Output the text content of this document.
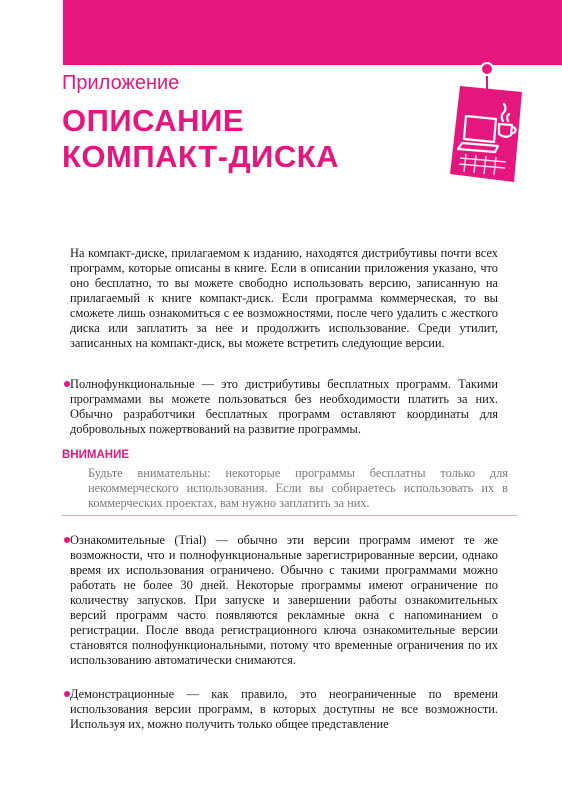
Приложение
ОПИСАНИЕ
КОМПАКТ-ДИСКА

На компакт-диске, прилагаемом к изданию, находятся дистрибутивы почти всех программ, которые описаны в книге. Если в описании приложения указано, что оно бесплатно, то вы можете свободно использовать версию, записанную на прилагаемый к книге компакт-диск. Если программа коммерческая, то вы сможете лишь ознакомиться с ее возможностями, после чего удалить с жесткого диска или заплатить за нее и продолжить использование. Среди утилит, записанных на компакт-диск, вы можете встретить следующие версии.

Полнофункциональные — это дистрибутивы бесплатных программ. Такими программами вы можете пользоваться без необходимости платить за них. Обычно разработчики бесплатных программ оставляют координаты для добровольных пожертвований на развитие программы.

ВНИМАНИЕ

Будьте внимательны: некоторые программы бесплатны только для некоммерческого использования. Если вы собираетесь использовать их в коммерческих проектах, вам нужно заплатить за них.

Ознакомительные (Trial) — обычно эти версии программ имеют те же возможности, что и полнофункциональные зарегистрированные версии, однако время их использования ограничено. Обычно с такими программами можно работать не более 30 дней. Некоторые программы имеют ограничение по количеству запусков. При запуске и завершении работы ознакомительных версий программ часто появляются рекламные окна с напоминанием о регистрации. После ввода регистрационного ключа ознакомительные версии становятся полнофункциональными, потому что временные ограничения по их использованию автоматически снимаются.

Демонстрационные — как правило, это неограниченные по времени использования версии программ, в которых доступны не все возможности. Используя их, можно получить только общее представление
